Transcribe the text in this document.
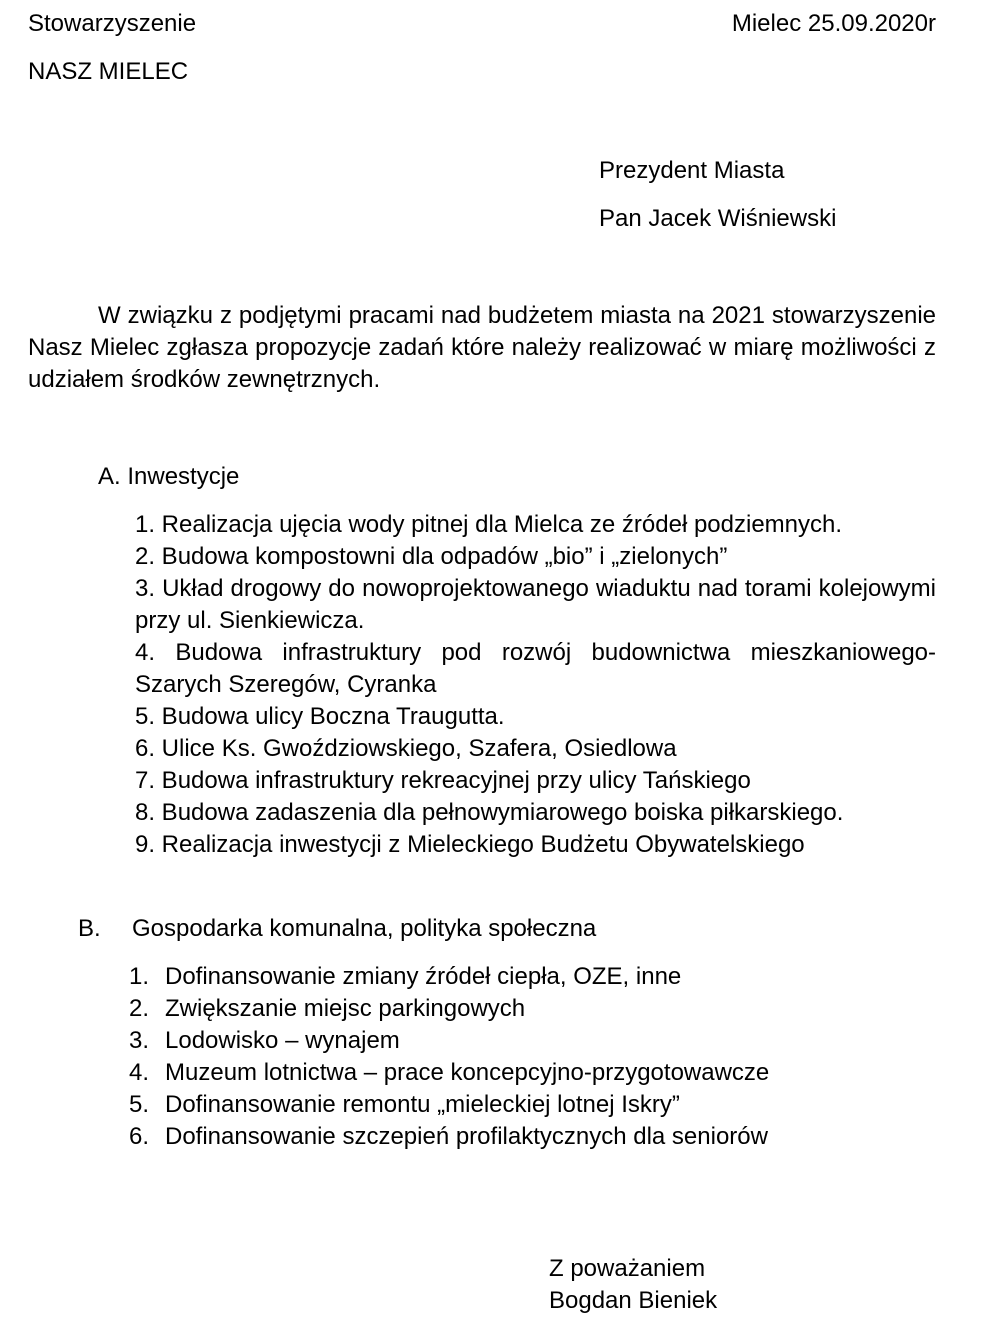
Stowarzyszenie
NASZ MIELEC
Mielec 25.09.2020r
Prezydent Miasta
Pan Jacek Wiśniewski

W związku z podjętymi pracami nad budżetem miasta na 2021 stowarzyszenie Nasz Mielec zgłasza propozycje zadań które należy realizować w miarę możliwości z udziałem środków zewnętrznych.

A. Inwestycje
1. Realizacja ujęcia wody pitnej dla Mielca ze źródeł podziemnych.
2. Budowa kompostowni dla odpadów „bio” i „zielonych”
3. Układ drogowy do nowoprojektowanego wiaduktu nad torami kolejowymi przy ul. Sienkiewicza.
4. Budowa infrastruktury pod rozwój budownictwa mieszkaniowego- Szarych Szeregów, Cyranka
5. Budowa ulicy Boczna Traugutta.
6. Ulice Ks. Gwoździowskiego, Szafera, Osiedlowa
7. Budowa infrastruktury rekreacyjnej przy ulicy Tańskiego
8. Budowa zadaszenia dla pełnowymiarowego boiska piłkarskiego.
9. Realizacja inwestycji z Mieleckiego Budżetu Obywatelskiego
B. Gospodarka komunalna, polityka społeczna
1. Dofinansowanie zmiany źródeł ciepła, OZE, inne
2. Zwiększanie miejsc parkingowych
3. Lodowisko – wynajem
4. Muzeum lotnictwa – prace koncepcyjno-przygotowawcze
5. Dofinansowanie remontu „mieleckiej lotnej Iskry”
6. Dofinansowanie szczepień profilaktycznych dla seniorów
Z poważaniem
Bogdan Bieniek
